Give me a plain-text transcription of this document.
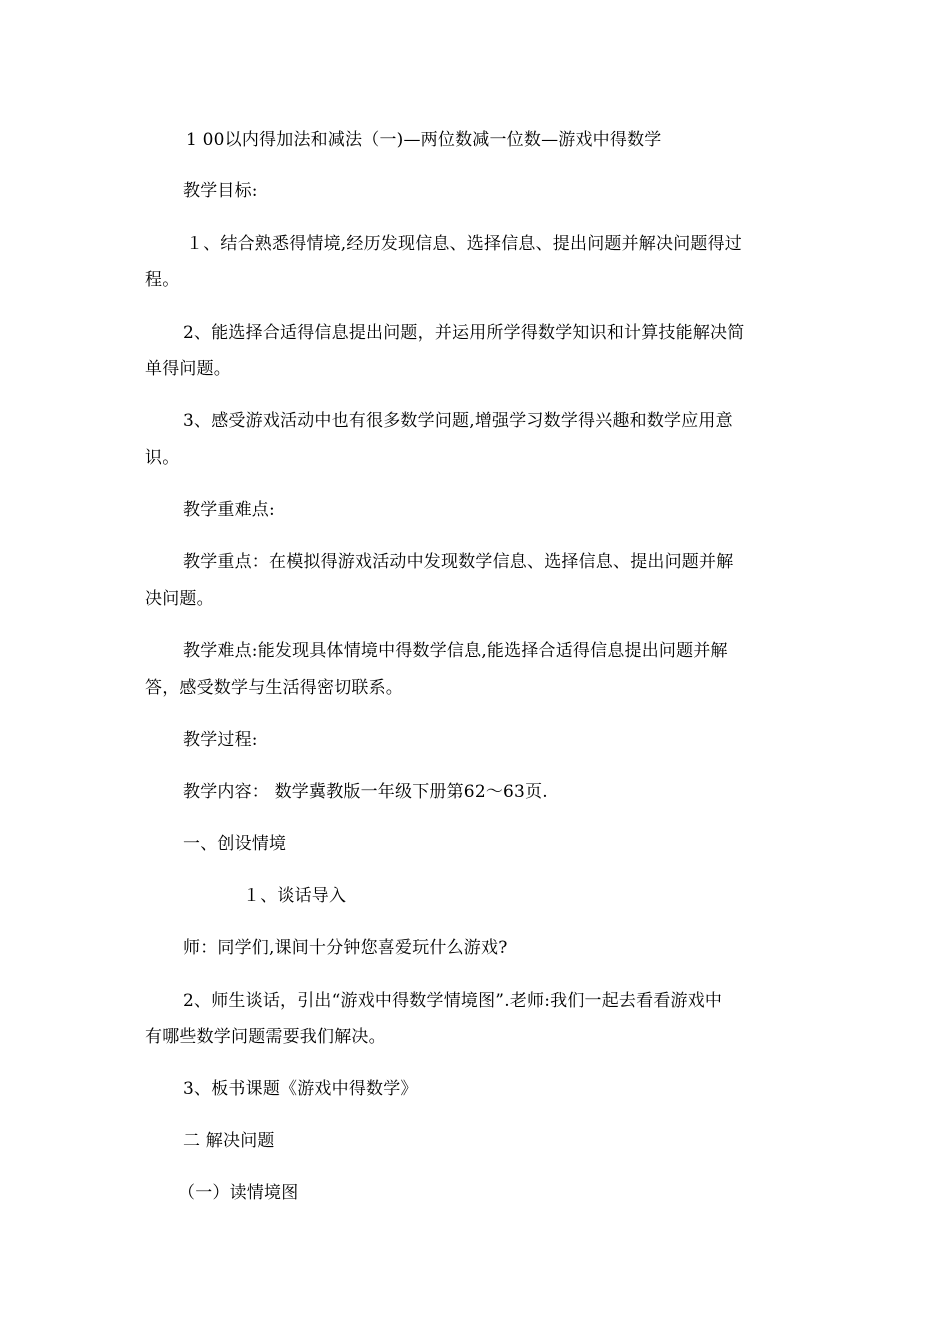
1 00以内得加法和减法（一)—两位数减一位数—游戏中得数学
教学目标:
１、结合熟悉得情境,经历发现信息、选择信息、提出问题并解决问题得过
程。
2、能选择合适得信息提出问题，并运用所学得数学知识和计算技能解决简
单得问题。
3、感受游戏活动中也有很多数学问题,增强学习数学得兴趣和数学应用意
识。
教学重难点:
教学重点：在模拟得游戏活动中发现数学信息、选择信息、提出问题并解
决问题。
教学难点:能发现具体情境中得数学信息,能选择合适得信息提出问题并解
答，感受数学与生活得密切联系。
教学过程:
教学内容： 数学冀教版一年级下册第62～63页.
一、创设情境
１、谈话导入
师：同学们,课间十分钟您喜爱玩什么游戏?
2、师生谈话，引出“游戏中得数学情境图”.老师:我们一起去看看游戏中
有哪些数学问题需要我们解决。
3、板书课题《游戏中得数学》
二 解决问题
（一）读情境图
